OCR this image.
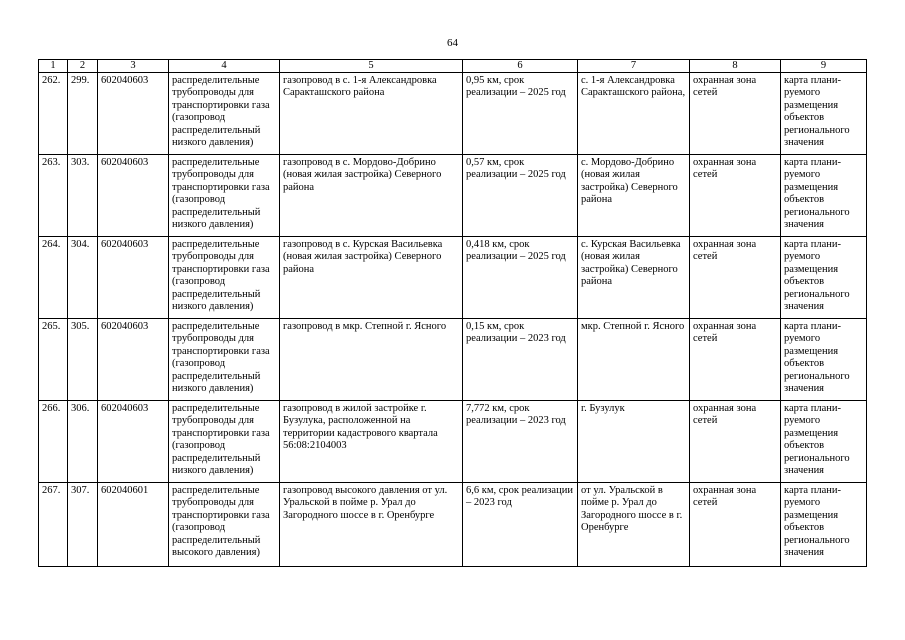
64
1	2	3	4	5	6	7	8	9
262.	299.	602040603	распределительные трубопроводы для транспортировки газа (газопровод распределительный низкого давления)	газопровод в с. 1-я Александровка Саракташского района	0,95 км, срок реализации – 2025 год	с. 1-я Александровка Саракташского района,	охранная зона сетей	карта плани-руемого размещения объектов регионального значения
263.	303.	602040603	распределительные трубопроводы для транспортировки газа (газопровод распределительный низкого давления)	газопровод в с. Мордово-Добрино (новая жилая застройка) Северного района	0,57 км, срок реализации – 2025 год	с. Мордово-Добрино (новая жилая застройка) Северного района	охранная зона сетей	карта плани-руемого размещения объектов регионального значения
264.	304.	602040603	распределительные трубопроводы для транспортировки газа (газопровод распределительный низкого давления)	газопровод в с. Курская Васильевка (новая жилая застройка) Северного района	0,418 км, срок реализации – 2025 год	с. Курская Васильевка (новая жилая застройка) Северного района	охранная зона сетей	карта плани-руемого размещения объектов регионального значения
265.	305.	602040603	распределительные трубопроводы для транспортировки газа (газопровод распределительный низкого давления)	газопровод в мкр. Степной г. Ясного	0,15 км, срок реализации – 2023 год	мкр. Степной г. Ясного	охранная зона сетей	карта плани-руемого размещения объектов регионального значения
266.	306.	602040603	распределительные трубопроводы для транспортировки газа (газопровод распределительный низкого давления)	газопровод в жилой застройке г. Бузулука, расположенной на территории кадастрового квартала 56:08:2104003	7,772 км, срок реализации – 2023 год	г. Бузулук	охранная зона сетей	карта плани-руемого размещения объектов регионального значения
267.	307.	602040601	распределительные трубопроводы для транспортировки газа (газопровод распределительный высокого давления)	газопровод высокого давления от ул. Уральской в пойме р. Урал до Загородного шоссе в г. Оренбурге	6,6 км, срок реализации – 2023 год	от ул. Уральской в пойме р. Урал до Загородного шоссе в г. Оренбурге	охранная зона сетей	карта плани-руемого размещения объектов регионального значения
